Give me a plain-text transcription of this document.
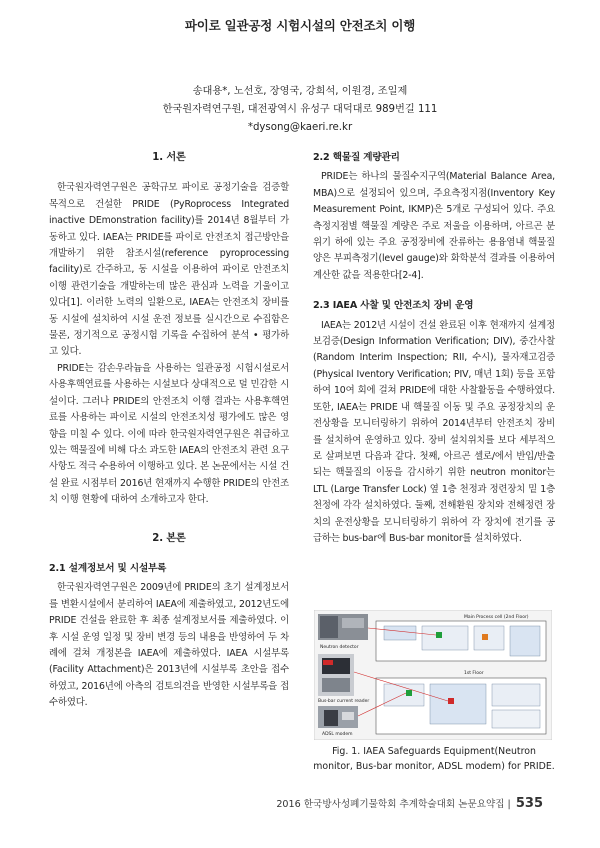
파이로 일관공정 시험시설의 안전조치 이행

송대용*, 노선호, 장영국, 강희석, 이원경, 조일제

한국원자력연구원, 대전광역시 유성구 대덕대로 989번길 111

*dysong@kaeri.re.kr

1. 서론

한국원자력연구원은 공학규모 파이로 공정기술을 검증할 목적으로 건설한 PRIDE (PyRoprocess Integrated inactive DEmonstration facility)를 2014년 8월부터 가동하고 있다. IAEA는 PRIDE를 파이로 안전조치 접근방안을 개발하기 위한 참조시설(reference pyroprocessing facility)로 간주하고, 동 시설을 이용하여 파이로 안전조치 이행 관련기술을 개발하는데 많은 관심과 노력을 기울이고 있다[1]. 이러한 노력의 일환으로, IAEA는 안전조치 장비를 동 시설에 설치하여 시설 운전 정보를 실시간으로 수집함은 물론, 정기적으로 공정시험 기록을 수집하여 분석 • 평가하고 있다.

PRIDE는 감손우라늄을 사용하는 일관공정 시험시설로서 사용후핵연료를 사용하는 시설보다 상대적으로 덜 민감한 시설이다. 그러나 PRIDE의 안전조치 이행 결과는 사용후핵연료를 사용하는 파이로 시설의 안전조치성 평가에도 많은 영향을 미칠 수 있다. 이에 따라 한국원자력연구원은 취급하고 있는 핵물질에 비해 다소 과도한 IAEA의 안전조치 관련 요구사항도 적극 수용하여 이행하고 있다. 본 논문에서는 시설 건설 완료 시점부터 2016년 현재까지 수행한 PRIDE의 안전조치 이행 현황에 대하여 소개하고자 한다.

2. 본론
2.1 설계정보서 및 시설부록

한국원자력연구원은 2009년에 PRIDE의 초기 설계정보서를 변환시설에서 분리하여 IAEA에 제출하였고, 2012년도에 PRIDE 건설을 완료한 후 최종 설계정보서를 제출하였다. 이후 시설 운영 일정 및 장비 변경 등의 내용을 반영하여 두 차례에 걸쳐 개정본을 IAEA에 제출하였다. IAEA 시설부록(Facility Attachment)은 2013년에 시설부록 초안을 접수하였고, 2016년에 아측의 검토의견을 반영한 시설부록을 접수하였다.

2.2 핵물질 계량관리

PRIDE는 하나의 물질수지구역(Material Balance Area, MBA)으로 설정되어 있으며, 주요측정지점(Inventory Key Measurement Point, IKMP)은 5개로 구성되어 있다. 주요측정지점별 핵물질 계량은 주로 저울을 이용하며, 아르곤 분위기 하에 있는 주요 공정장비에 잔류하는 용융염내 핵물질 양은 부피측정기(level gauge)와 화학분석 결과를 이용하여 계산한 값을 적용한다[2-4].

2.3 IAEA 사찰 및 안전조치 장비 운영

IAEA는 2012년 시설이 건설 완료된 이후 현재까지 설계정보검증(Design Information Verification; DIV), 중간사찰(Random Interim Inspection; RII, 수시), 물자재고검증(Physical Iventory Verification; PIV, 매년 1회) 등을 포함하여 10여 회에 걸쳐 PRIDE에 대한 사찰활동을 수행하였다. 또한, IAEA는 PRIDE 내 핵물질 이동 및 주요 공정장치의 운전상황을 모니터링하기 위하여 2014년부터 안전조치 장비를 설치하여 운영하고 있다. 장비 설치위치를 보다 세부적으로 살펴보면 다음과 같다. 첫째, 아르곤 셀로/에서 반입/반출되는 핵물질의 이동을 감시하기 위한 neutron monitor는 LTL (Large Transfer Lock) 옆 1층 천정과 정련장치 밑 1층 천정에 각각 설치하였다. 둘째, 전해환원 장치와 전해정련 장치의 운전상황을 모니터링하기 위하여 각 장치에 전기를 공급하는 bus-bar에 Bus-bar monitor를 설치하였다.

Neutron detector
Bus-bar current reader
ADSL modem
Main Process cell (2nd Floor)
1st Floor
Fig. 1. IAEA Safeguards Equipment(Neutron monitor, Bus-bar monitor, ADSL modem) for PRIDE.
2016 한국방사성폐기물학회 추계학술대회 논문요약집 | 535
